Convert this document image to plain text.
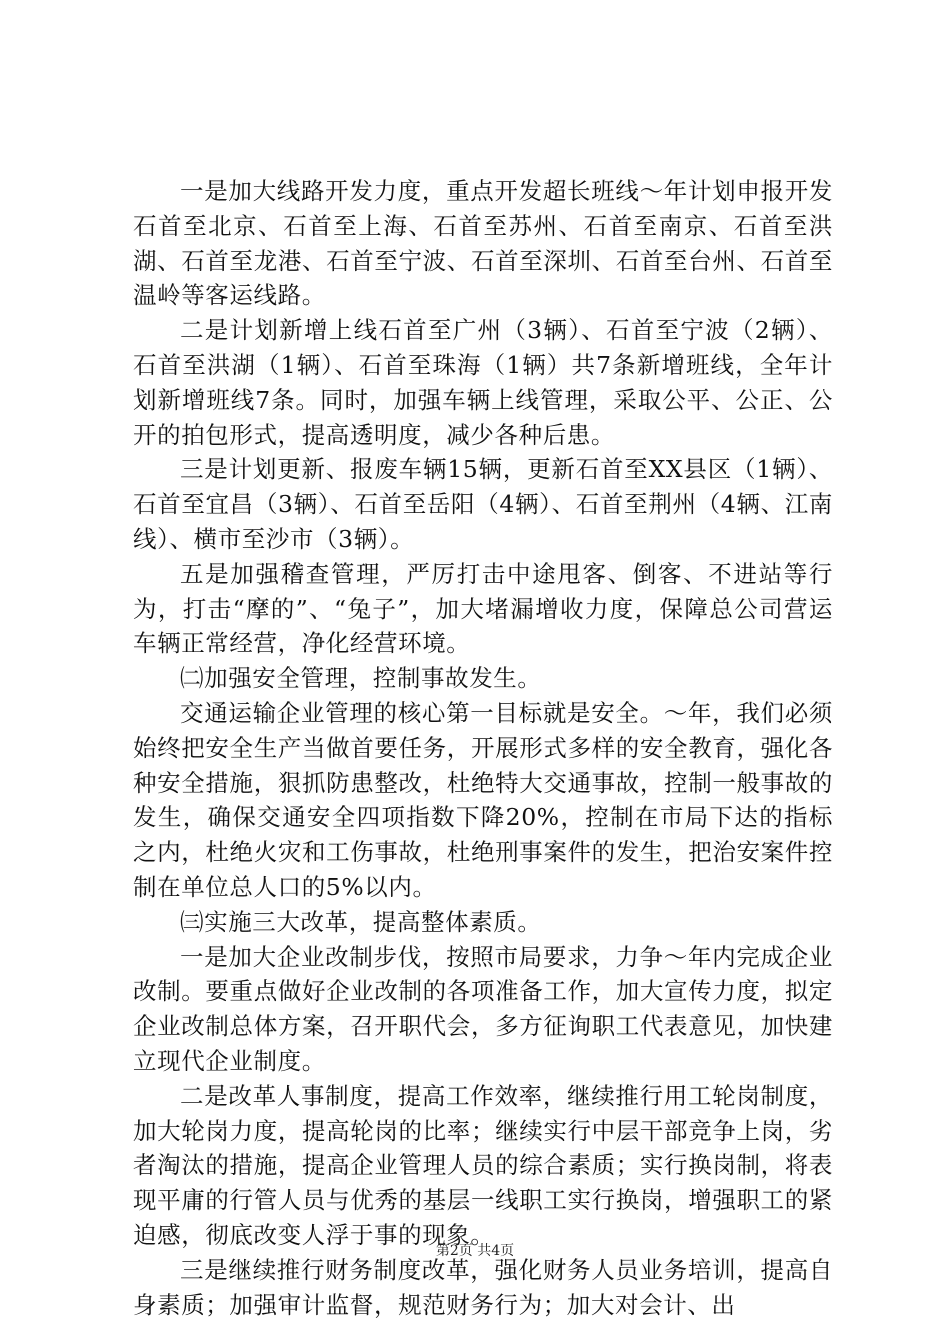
一是加大线路开发力度，重点开发超长班线～年计划申报开发石首至北京、石首至上海、石首至苏州、石首至南京、石首至洪湖、石首至龙港、石首至宁波、石首至深圳、石首至台州、石首至温岭等客运线路。

二是计划新增上线石首至广州（3辆）、石首至宁波（2辆）、石首至洪湖（1辆）、石首至珠海（1辆）共7条新增班线，全年计划新增班线7条。同时，加强车辆上线管理，采取公平、公正、公开的拍包形式，提高透明度，减少各种后患。

三是计划更新、报废车辆15辆，更新石首至XX县区（1辆）、石首至宜昌（3辆）、石首至岳阳（4辆）、石首至荆州（4辆、江南线）、横市至沙市（3辆）。

五是加强稽查管理，严厉打击中途甩客、倒客、不进站等行为，打击“摩的”、“兔子”，加大堵漏增收力度，保障总公司营运车辆正常经营，净化经营环境。

㈡加强安全管理，控制事故发生。

交通运输企业管理的核心第一目标就是安全。～年，我们必须始终把安全生产当做首要任务，开展形式多样的安全教育，强化各种安全措施，狠抓防患整改，杜绝特大交通事故，控制一般事故的发生，确保交通安全四项指数下降20%，控制在市局下达的指标之内，杜绝火灾和工伤事故，杜绝刑事案件的发生，把治安案件控制在单位总人口的5%以内。

㈢实施三大改革，提高整体素质。

一是加大企业改制步伐，按照市局要求，力争～年内完成企业改制。要重点做好企业改制的各项准备工作，加大宣传力度，拟定企业改制总体方案，召开职代会，多方征询职工代表意见，加快建立现代企业制度。

二是改革人事制度，提高工作效率，继续推行用工轮岗制度，加大轮岗力度，提高轮岗的比率；继续实行中层干部竞争上岗，劣者淘汰的措施，提高企业管理人员的综合素质；实行换岗制，将表现平庸的行管人员与优秀的基层一线职工实行换岗，增强职工的紧迫感，彻底改变人浮于事的现象。

三是继续推行财务制度改革，强化财务人员业务培训，提高自身素质；加强审计监督，规范财务行为；加大对会计、出

第2页 共4页
